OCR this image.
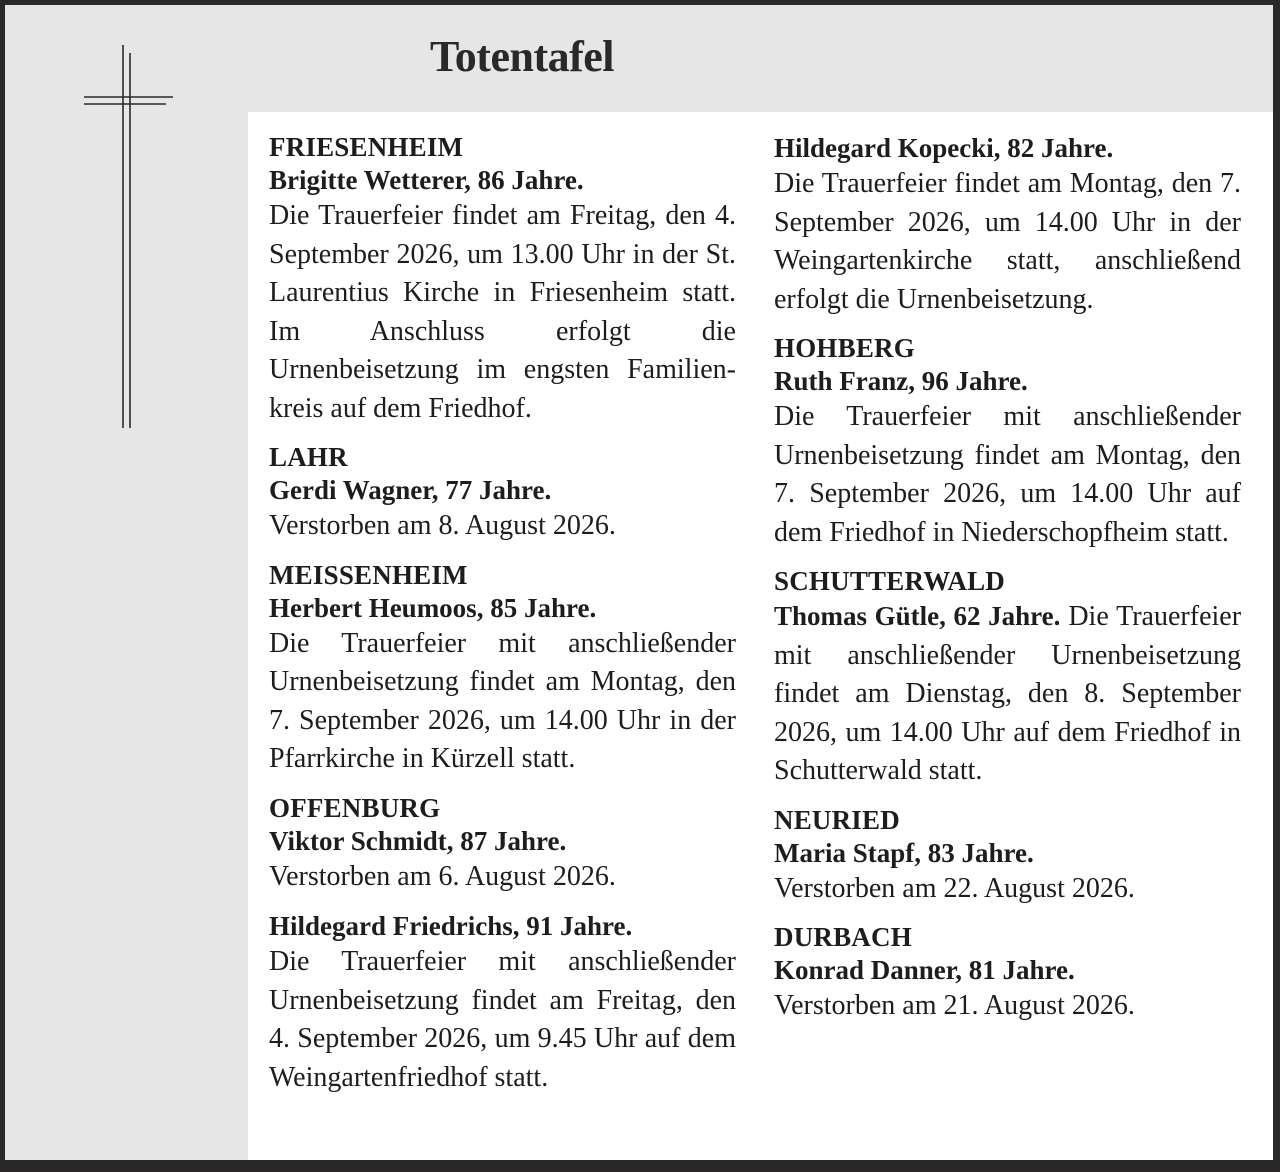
Totentafel
FRIESENHEIM
Brigitte Wetterer, 86 Jahre.
Die Trauerfeier findet am Freitag, den 4. September 2026, um 13.00 Uhr in der St. Laurentius Kirche in Friesenheim statt. Im Anschluss erfolgt die Urnenbeisetzung im engsten Familienkreis auf dem Friedhof.
LAHR
Gerdi Wagner, 77 Jahre.
Verstorben am 8. August 2026.
MEISSENHEIM
Herbert Heumoos, 85 Jahre.
Die Trauerfeier mit anschließender Urnenbeisetzung findet am Montag, den 7. September 2026, um 14.00 Uhr in der Pfarrkirche in Kürzell statt.
OFFENBURG
Viktor Schmidt, 87 Jahre.
Verstorben am 6. August 2026.
Hildegard Friedrichs, 91 Jahre.
Die Trauerfeier mit anschließender Urnenbeisetzung findet am Freitag, den 4. September 2026, um 9.45 Uhr auf dem Weingartenfriedhof statt.
Hildegard Kopecki, 82 Jahre.
Die Trauerfeier findet am Montag, den 7. September 2026, um 14.00 Uhr in der Weingartenkirche statt, anschließend erfolgt die Urnenbeisetzung.
HOHBERG
Ruth Franz, 96 Jahre.
Die Trauerfeier mit anschließender Urnenbeisetzung findet am Montag, den 7. September 2026, um 14.00 Uhr auf dem Friedhof in Niederschopfheim statt.
SCHUTTERWALD
Thomas Gütle, 62 Jahre. Die Trauerfeier mit anschließender Urnenbeisetzung findet am Dienstag, den 8. September 2026, um 14.00 Uhr auf dem Friedhof in Schutterwald statt.
NEURIED
Maria Stapf, 83 Jahre.
Verstorben am 22. August 2026.
DURBACH
Konrad Danner, 81 Jahre.
Verstorben am 21. August 2026.
